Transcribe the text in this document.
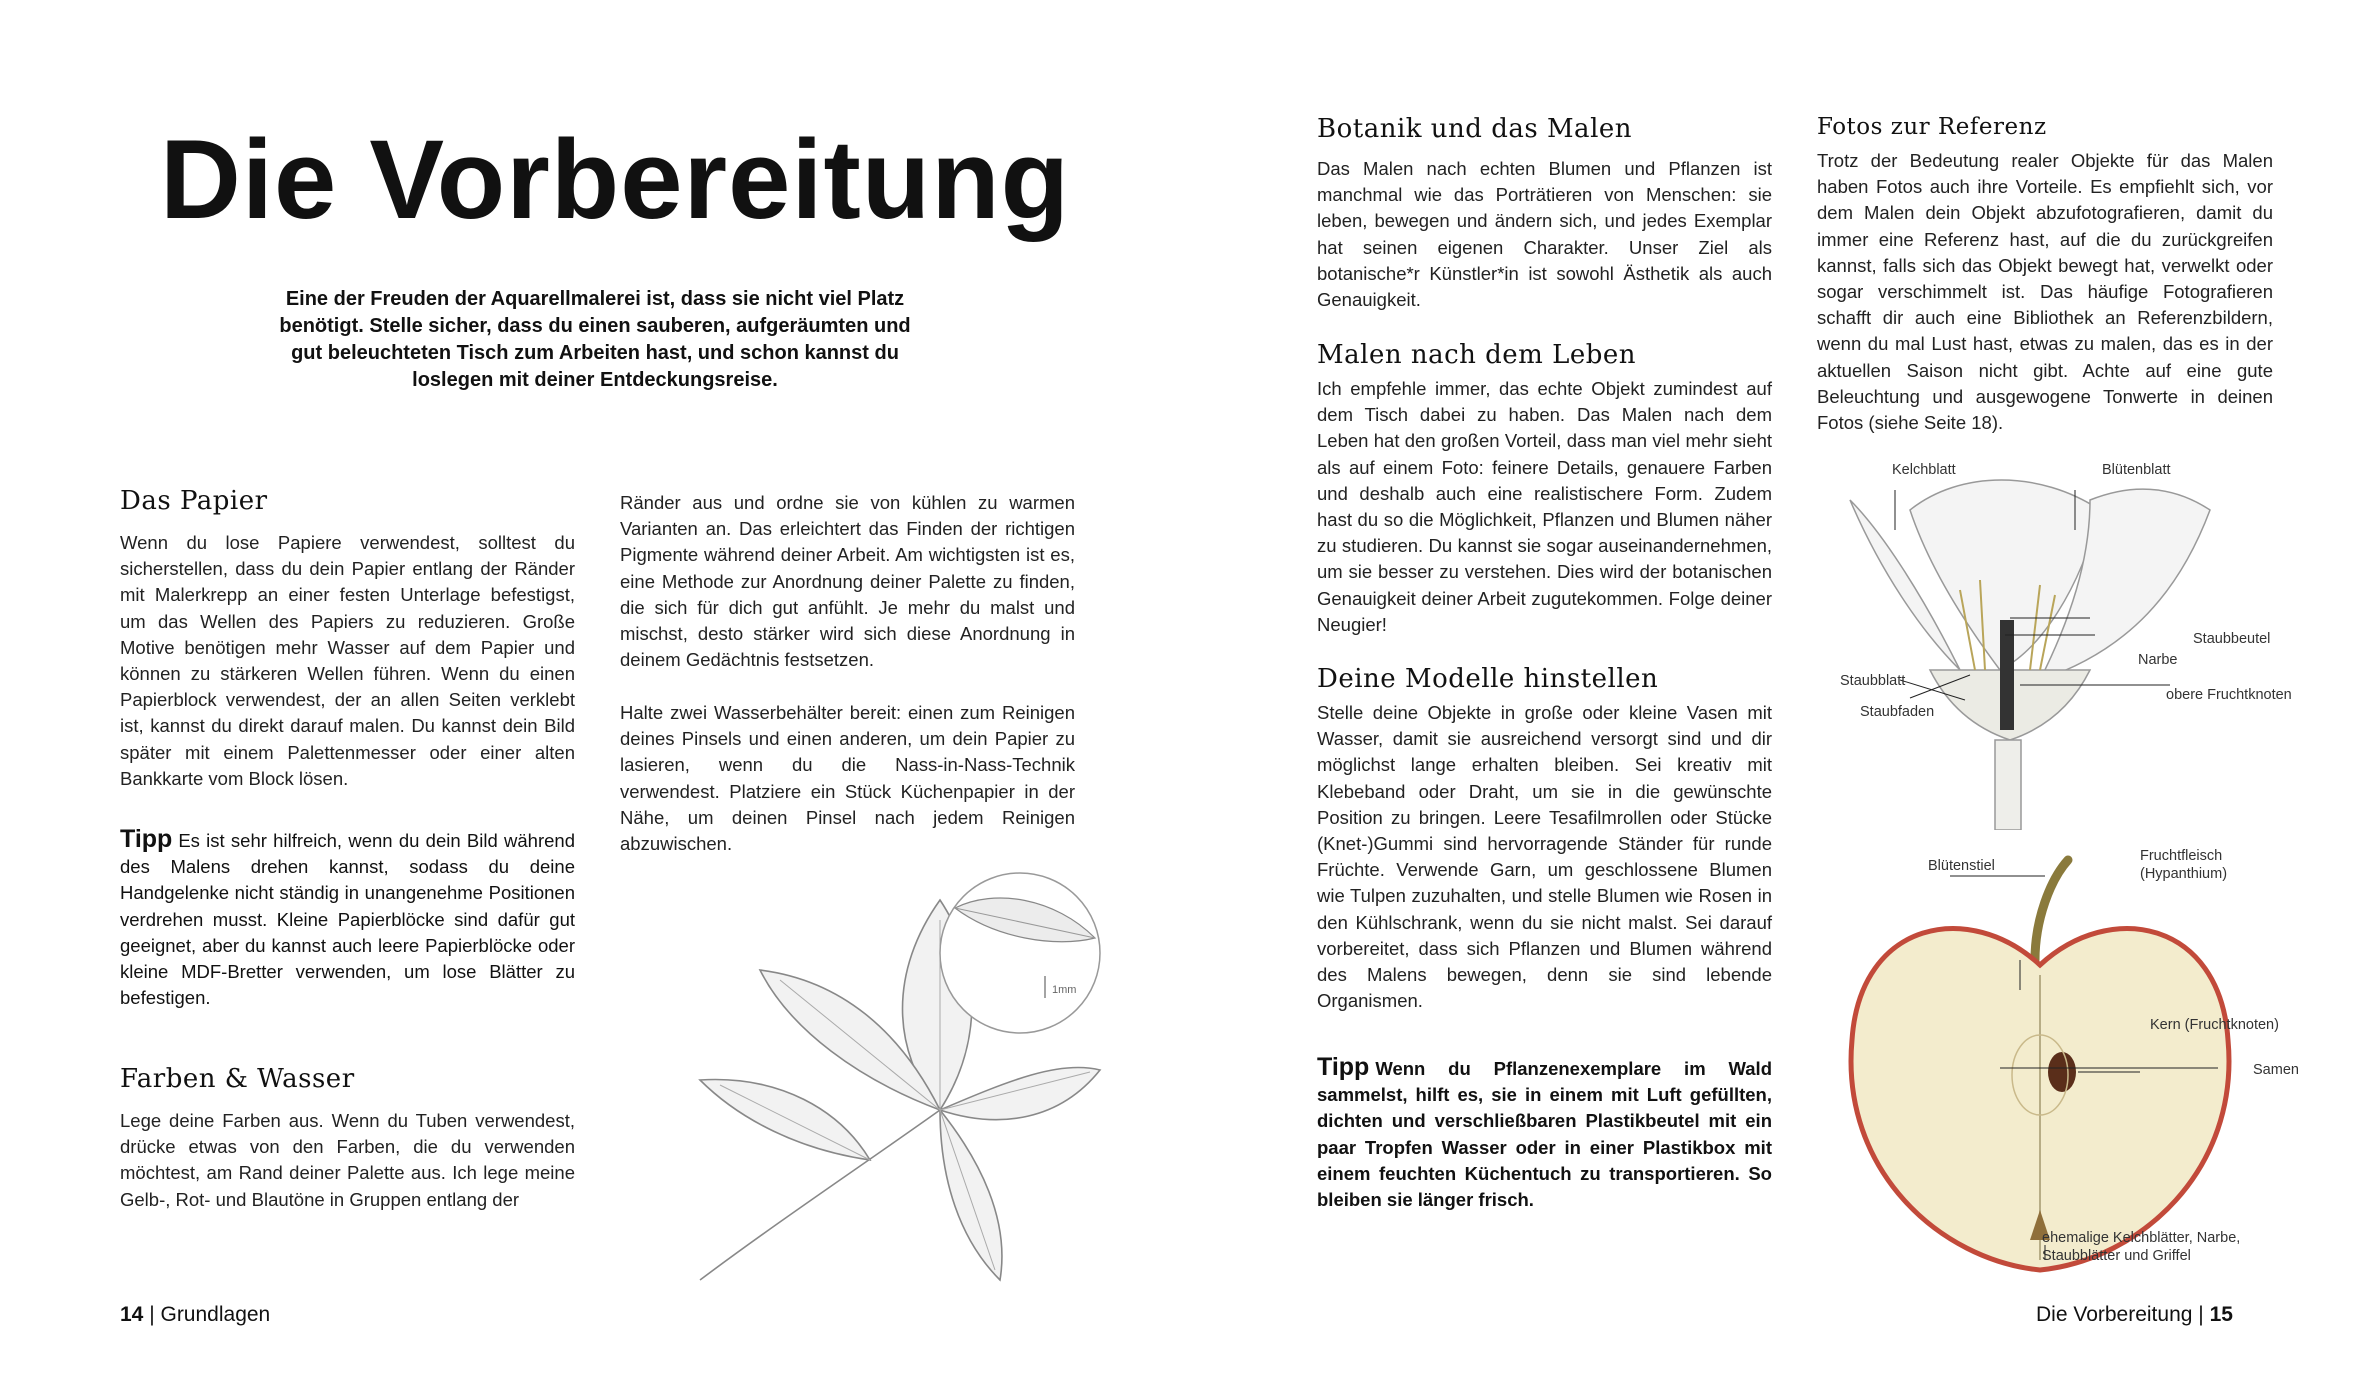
Die Vorbereitung

Eine der Freuden der Aquarellmalerei ist, dass sie nicht viel Platz benötigt. Stelle sicher, dass du einen sauberen, aufgeräumten und gut beleuchteten Tisch zum Arbeiten hast, und schon kannst du loslegen mit deiner Entdeckungsreise.

Das Papier

Wenn du lose Papiere verwendest, solltest du sicherstellen, dass du dein Papier entlang der Ränder mit Malerkrepp an einer festen Unterlage befestigst, um das Wellen des Papiers zu reduzieren. Große Motive benötigen mehr Wasser auf dem Papier und können zu stärkeren Wellen führen. Wenn du einen Papierblock verwendest, der an allen Seiten verklebt ist, kannst du direkt darauf malen. Du kannst dein Bild später mit einem Palettenmesser oder einer alten Bankkarte vom Block lösen.

Tipp Es ist sehr hilfreich, wenn du dein Bild während des Malens drehen kannst, sodass du deine Handgelenke nicht ständig in unangenehme Positionen verdrehen musst. Kleine Papierblöcke sind dafür gut geeignet, aber du kannst auch leere Papierblöcke oder kleine MDF-Bretter verwenden, um lose Blätter zu befestigen.

Farben & Wasser

Lege deine Farben aus. Wenn du Tuben verwendest, drücke etwas von den Farben, die du verwenden möchtest, am Rand deiner Palette aus. Ich lege meine Gelb-, Rot- und Blautöne in Gruppen entlang der

Ränder aus und ordne sie von kühlen zu warmen Varianten an. Das erleichtert das Finden der richtigen Pigmente während deiner Arbeit. Am wichtigsten ist es, eine Methode zur Anordnung deiner Palette zu finden, die sich für dich gut anfühlt. Je mehr du malst und mischst, desto stärker wird sich diese Anordnung in deinem Gedächtnis festsetzen.

Halte zwei Wasserbehälter bereit: einen zum Reinigen deines Pinsels und einen anderen, um dein Papier zu lasieren, wenn du die Nass-in-Nass-Technik verwendest. Platziere ein Stück Küchenpapier in der Nähe, um deinen Pinsel nach jedem Reinigen abzuwischen.

1mm

14 | Grundlagen

Botanik und das Malen

Das Malen nach echten Blumen und Pflanzen ist manchmal wie das Porträtieren von Menschen: sie leben, bewegen und ändern sich, und jedes Exemplar hat seinen eigenen Charakter. Unser Ziel als botanische*r Künstler*in ist sowohl Ästhetik als auch Genauigkeit.

Malen nach dem Leben

Ich empfehle immer, das echte Objekt zumindest auf dem Tisch dabei zu haben. Das Malen nach dem Leben hat den großen Vorteil, dass man viel mehr sieht als auf einem Foto: feinere Details, genauere Farben und deshalb auch eine realistischere Form. Zudem hast du so die Möglichkeit, Pflanzen und Blumen näher zu studieren. Du kannst sie sogar auseinandernehmen, um sie besser zu verstehen. Dies wird der botanischen Genauigkeit deiner Arbeit zugutekommen. Folge deiner Neugier!

Deine Modelle hinstellen

Stelle deine Objekte in große oder kleine Vasen mit Wasser, damit sie ausreichend versorgt sind und dir möglichst lange erhalten bleiben. Sei kreativ mit Klebeband oder Draht, um sie in die gewünschte Position zu bringen. Leere Tesafilmrollen oder Stücke (Knet-)Gummi sind hervorragende Ständer für runde Früchte. Verwende Garn, um geschlossene Blumen wie Tulpen zuzuhalten, und stelle Blumen wie Rosen in den Kühlschrank, wenn du sie nicht malst. Sei darauf vorbereitet, dass sich Pflanzen und Blumen während des Malens bewegen, denn sie sind lebende Organismen.

Tipp Wenn du Pflanzenexemplare im Wald sammelst, hilft es, sie in einem mit Luft gefüllten, dichten und verschließbaren Plastikbeutel mit ein paar Tropfen Wasser oder in einer Plastikbox mit einem feuchten Küchentuch zu transportieren. So bleiben sie länger frisch.

Fotos zur Referenz

Trotz der Bedeutung realer Objekte für das Malen haben Fotos auch ihre Vorteile. Es empfiehlt sich, vor dem Malen dein Objekt abzufotografieren, damit du immer eine Referenz hast, auf die du zurückgreifen kannst, falls sich das Objekt bewegt hat, verwelkt oder sogar verschimmelt ist. Das häufige Fotografieren schafft dir auch eine Bibliothek an Referenzbildern, wenn du mal Lust hast, etwas zu malen, das es in der aktuellen Saison nicht gibt. Achte auf eine gute Beleuchtung und ausgewogene Tonwerte in deinen Fotos (siehe Seite 18).

Kelchblatt	Blütenblatt
Staubbeutel
Narbe
Staubblatt
obere Fruchtknoten
Staubfaden
Blütenstiel
Fruchtfleisch
(Hypanthium)
Kern (Fruchtknoten)
Samen
ehemalige Kelchblätter, Narbe,
Staubblätter und Griffel

Die Vorbereitung | 15
